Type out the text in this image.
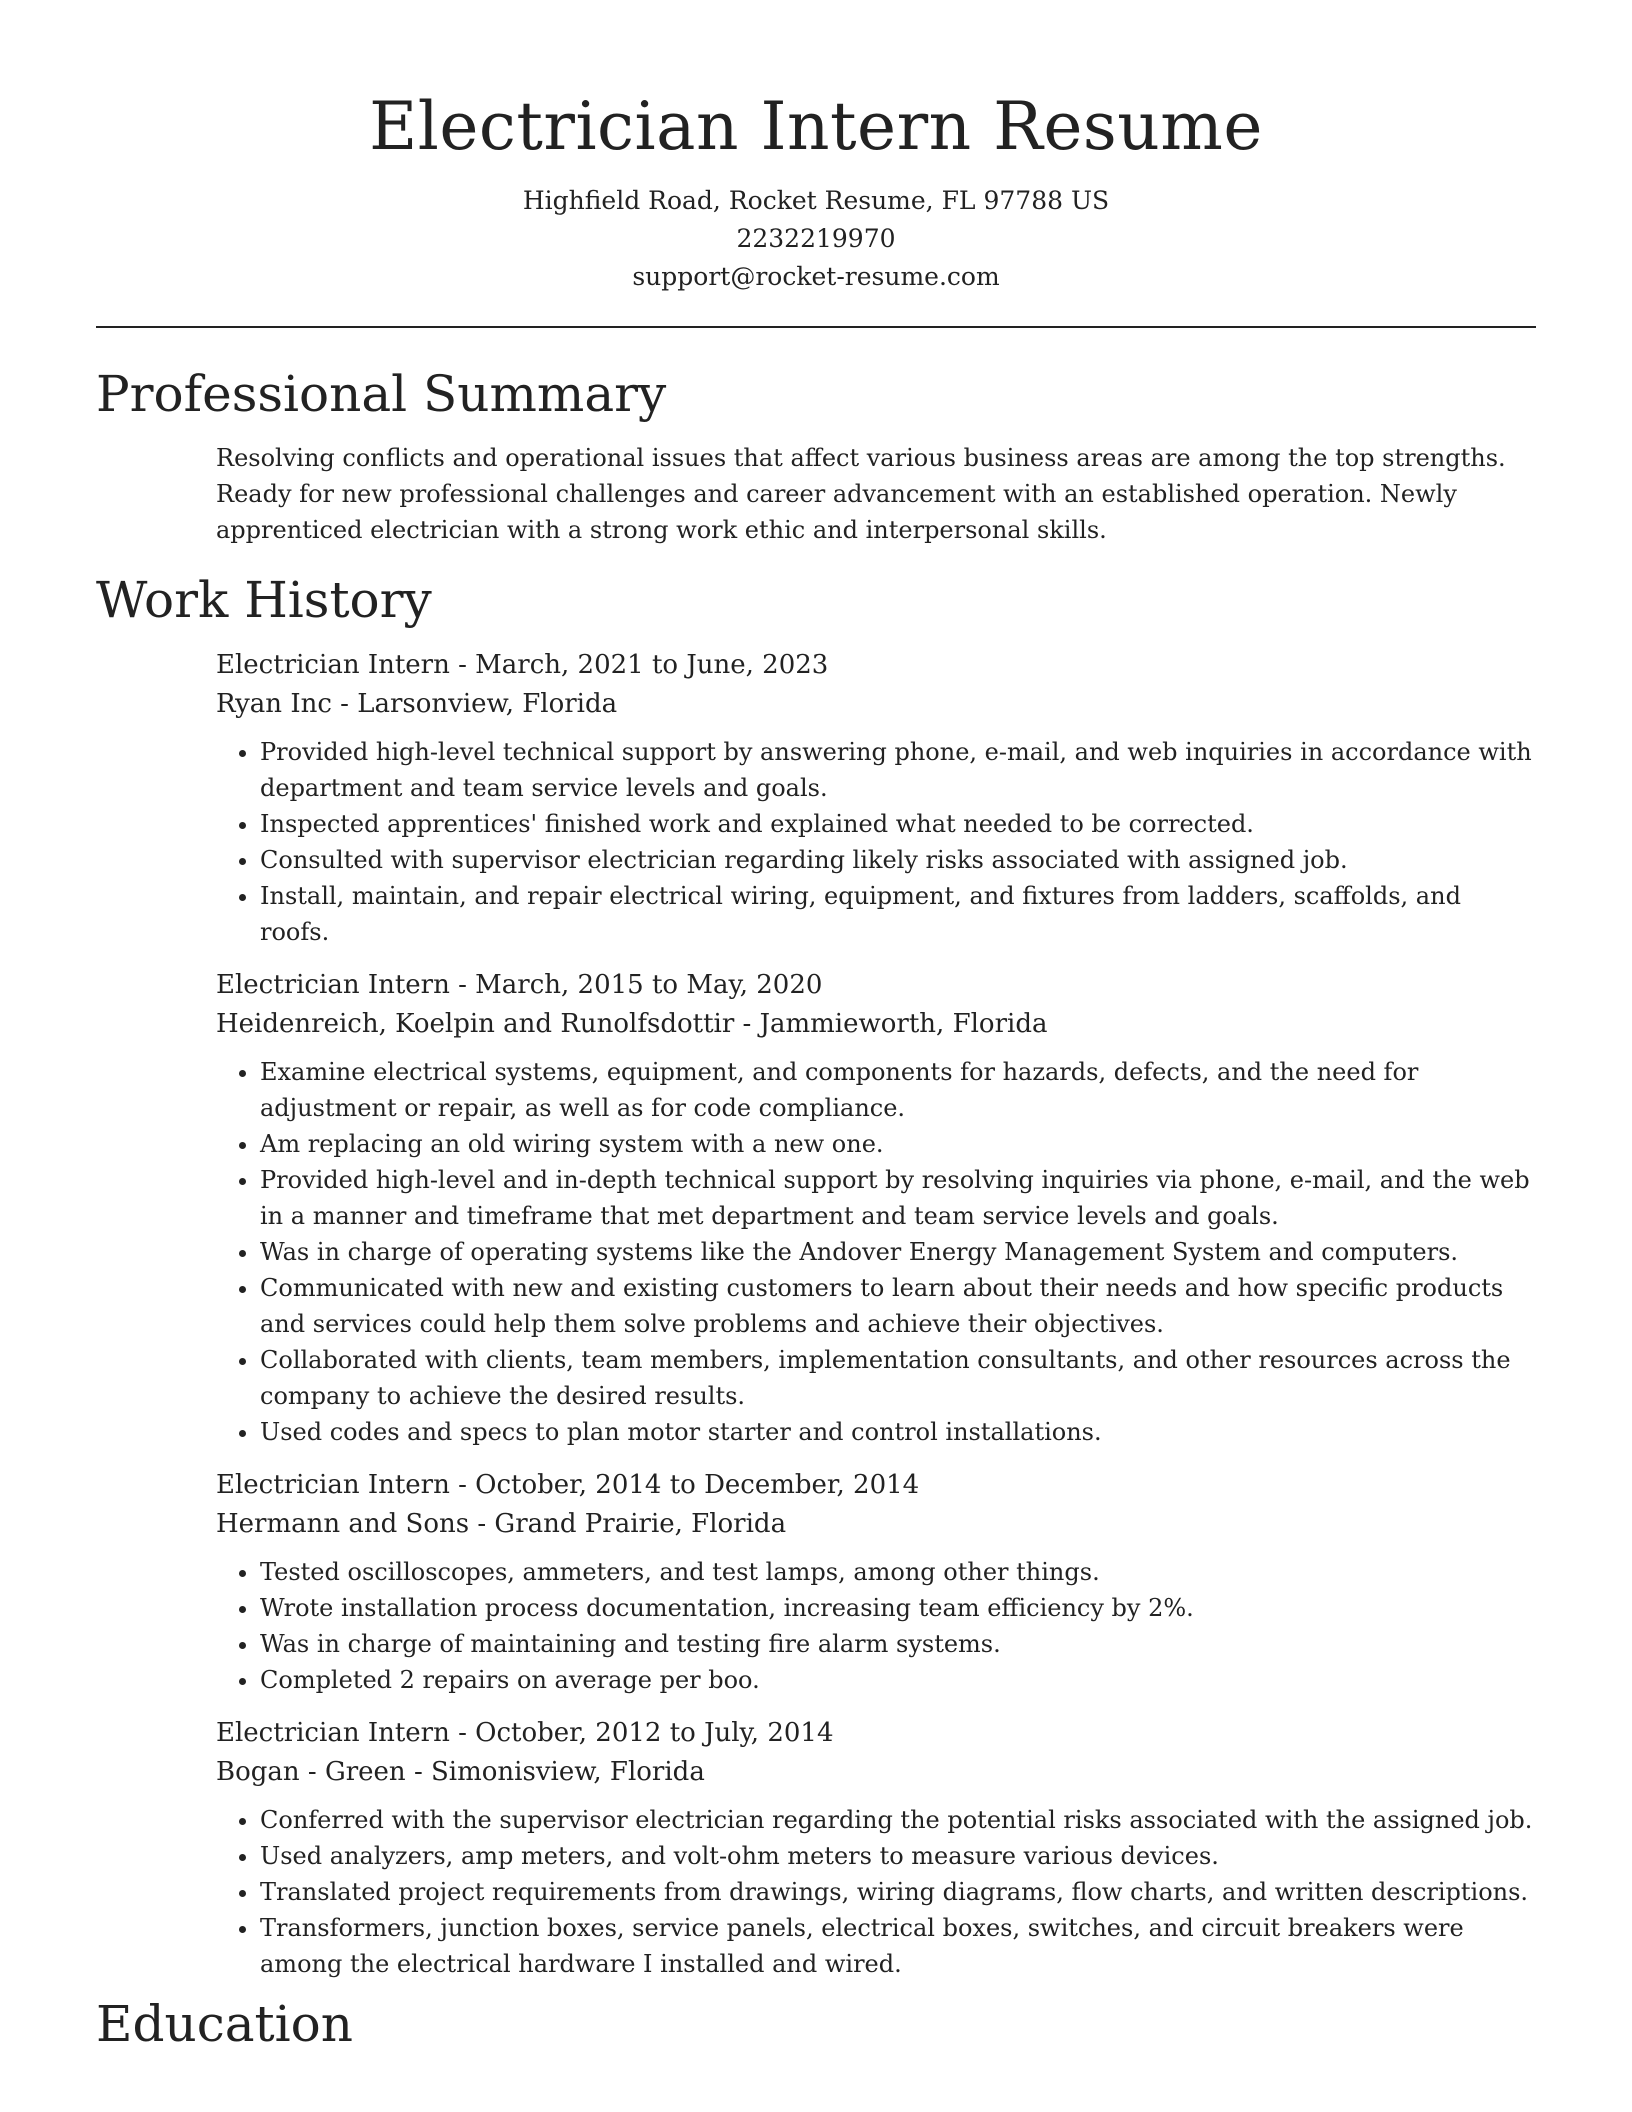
Electrician Intern Resume
Highfield Road, Rocket Resume, FL 97788 US
2232219970
support@rocket-resume.com
Professional Summary

Resolving conflicts and operational issues that affect various business areas are among the top strengths. Ready for new professional challenges and career advancement with an established operation. Newly apprenticed electrician with a strong work ethic and interpersonal skills.

Work History
Electrician Intern - March, 2021 to June, 2023
Ryan Inc - Larsonview, Florida
• Provided high-level technical support by answering phone, e-mail, and web inquiries in accordance with department and team service levels and goals.
• Inspected apprentices' finished work and explained what needed to be corrected.
• Consulted with supervisor electrician regarding likely risks associated with assigned job.
• Install, maintain, and repair electrical wiring, equipment, and fixtures from ladders, scaffolds, and roofs.
Electrician Intern - March, 2015 to May, 2020
Heidenreich, Koelpin and Runolfsdottir - Jammieworth, Florida
• Examine electrical systems, equipment, and components for hazards, defects, and the need for adjustment or repair, as well as for code compliance.
• Am replacing an old wiring system with a new one.
• Provided high-level and in-depth technical support by resolving inquiries via phone, e-mail, and the web in a manner and timeframe that met department and team service levels and goals.
• Was in charge of operating systems like the Andover Energy Management System and computers.
• Communicated with new and existing customers to learn about their needs and how specific products and services could help them solve problems and achieve their objectives.
• Collaborated with clients, team members, implementation consultants, and other resources across the company to achieve the desired results.
• Used codes and specs to plan motor starter and control installations.
Electrician Intern - October, 2014 to December, 2014
Hermann and Sons - Grand Prairie, Florida
• Tested oscilloscopes, ammeters, and test lamps, among other things.
• Wrote installation process documentation, increasing team efficiency by 2%.
• Was in charge of maintaining and testing fire alarm systems.
• Completed 2 repairs on average per boo.
Electrician Intern - October, 2012 to July, 2014
Bogan - Green - Simonisview, Florida
• Conferred with the supervisor electrician regarding the potential risks associated with the assigned job.
• Used analyzers, amp meters, and volt-ohm meters to measure various devices.
• Translated project requirements from drawings, wiring diagrams, flow charts, and written descriptions.
• Transformers, junction boxes, service panels, electrical boxes, switches, and circuit breakers were among the electrical hardware I installed and wired.
Education
